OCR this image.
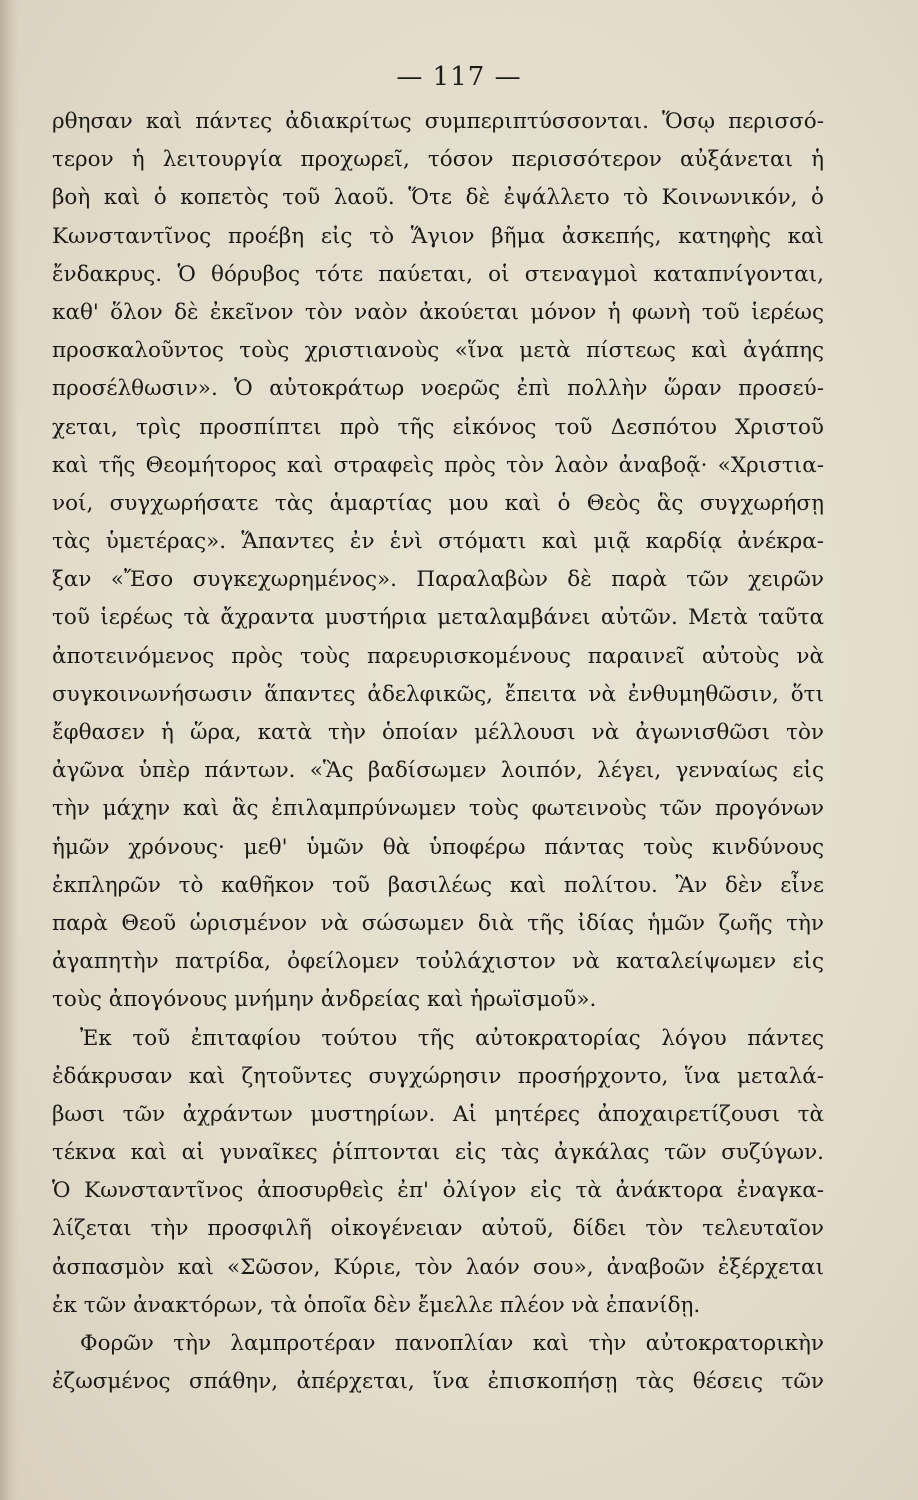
— 117 —
ρθησαν καὶ πάντες ἀδιακρίτως συμπεριπτύσσονται. Ὅσῳ περισσό-
τερον ἡ λειτουργία προχωρεῖ, τόσον περισσότερον αὐξάνεται ἡ
βοὴ καὶ ὁ κοπετὸς τοῦ λαοῦ. Ὅτε δὲ ἐψάλλετο τὸ Κοινωνικόν, ὁ
Κωνσταντῖνος προέβη εἰς τὸ Ἅγιον βῆμα ἀσκεπής, κατηφὴς καὶ
ἔνδακρυς. Ὁ θόρυβος τότε παύεται, οἱ στεναγμοὶ καταπνίγονται,
καθ' ὅλον δὲ ἐκεῖνον τὸν ναὸν ἀκούεται μόνον ἡ φωνὴ τοῦ ἱερέως
προσκαλοῦντος τοὺς χριστιανοὺς «ἵνα μετὰ πίστεως καὶ ἀγάπης
προσέλθωσιν». Ὁ αὐτοκράτωρ νοερῶς ἐπὶ πολλὴν ὥραν προσεύ-
χεται, τρὶς προσπίπτει πρὸ τῆς εἰκόνος τοῦ Δεσπότου Χριστοῦ
καὶ τῆς Θεομήτορος καὶ στραφεὶς πρὸς τὸν λαὸν ἀναβοᾷ· «Χριστια-
νοί, συγχωρήσατε τὰς ἁμαρτίας μου καὶ ὁ Θεὸς ἃς συγχωρήσῃ
τὰς ὑμετέρας». Ἅπαντες ἐν ἑνὶ στόματι καὶ μιᾷ καρδίᾳ ἀνέκρα-
ξαν «Ἔσο συγκεχωρημένος». Παραλαβὼν δὲ παρὰ τῶν χειρῶν
τοῦ ἱερέως τὰ ἄχραντα μυστήρια μεταλαμβάνει αὐτῶν. Μετὰ ταῦτα
ἀποτεινόμενος πρὸς τοὺς παρευρισκομένους παραινεῖ αὐτοὺς νὰ
συγκοινωνήσωσιν ἅπαντες ἀδελφικῶς, ἔπειτα νὰ ἐνθυμηθῶσιν, ὅτι
ἔφθασεν ἡ ὥρα, κατὰ τὴν ὁποίαν μέλλουσι νὰ ἀγωνισθῶσι τὸν
ἀγῶνα ὑπὲρ πάντων. «Ἃς βαδίσωμεν λοιπόν, λέγει, γενναίως εἰς
τὴν μάχην καὶ ἃς ἐπιλαμπρύνωμεν τοὺς φωτεινοὺς τῶν προγόνων
ἡμῶν χρόνους· μεθ' ὑμῶν θὰ ὑποφέρω πάντας τοὺς κινδύνους
ἐκπληρῶν τὸ καθῆκον τοῦ βασιλέως καὶ πολίτου. Ἂν δὲν εἶνε
παρὰ Θεοῦ ὡρισμένον νὰ σώσωμεν διὰ τῆς ἰδίας ἡμῶν ζωῆς τὴν
ἀγαπητὴν πατρίδα, ὀφείλομεν τοὐλάχιστον νὰ καταλείψωμεν εἰς
τοὺς ἀπογόνους μνήμην ἀνδρείας καὶ ἡρωϊσμοῦ».
Ἐκ τοῦ ἐπιταφίου τούτου τῆς αὐτοκρατορίας λόγου πάντες
ἐδάκρυσαν καὶ ζητοῦντες συγχώρησιν προσήρχοντο, ἵνα μεταλά-
βωσι τῶν ἀχράντων μυστηρίων. Αἱ μητέρες ἀποχαιρετίζουσι τὰ
τέκνα καὶ αἱ γυναῖκες ῥίπτονται εἰς τὰς ἀγκάλας τῶν συζύγων.
Ὁ Κωνσταντῖνος ἀποσυρθεὶς ἐπ' ὀλίγον εἰς τὰ ἀνάκτορα ἐναγκα-
λίζεται τὴν προσφιλῆ οἰκογένειαν αὐτοῦ, δίδει τὸν τελευταῖον
ἀσπασμὸν καὶ «Σῶσον, Κύριε, τὸν λαόν σου», ἀναβοῶν ἐξέρχεται
ἐκ τῶν ἀνακτόρων, τὰ ὁποῖα δὲν ἔμελλε πλέον νὰ ἐπανίδῃ.
Φορῶν τὴν λαμπροτέραν πανοπλίαν καὶ τὴν αὐτοκρατορικὴν
ἐζωσμένος σπάθην, ἀπέρχεται, ἵνα ἐπισκοπήσῃ τὰς θέσεις τῶν
